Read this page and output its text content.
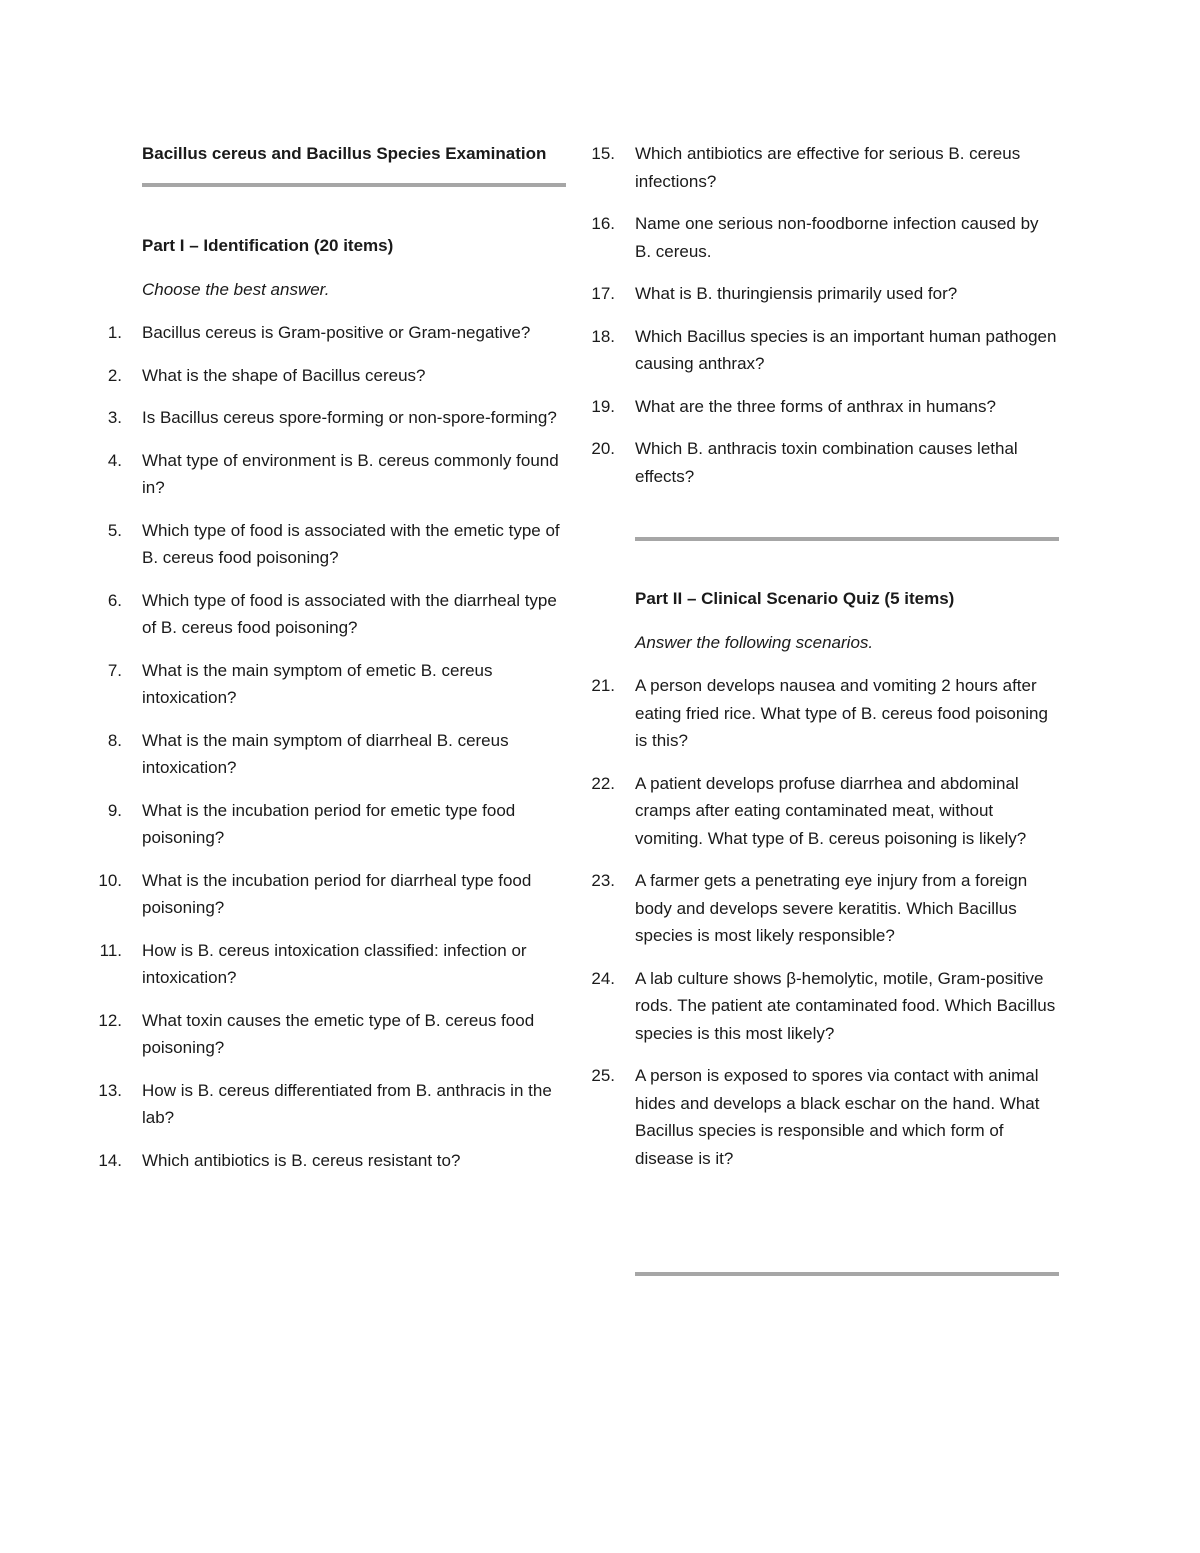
Bacillus cereus and Bacillus Species Examination
Part I – Identification (20 items)
Choose the best answer.
1. Bacillus cereus is Gram-positive or Gram-negative?
2. What is the shape of Bacillus cereus?
3. Is Bacillus cereus spore-forming or non-spore-forming?
4. What type of environment is B. cereus commonly found in?
5. Which type of food is associated with the emetic type of B. cereus food poisoning?
6. Which type of food is associated with the diarrheal type of B. cereus food poisoning?
7. What is the main symptom of emetic B. cereus intoxication?
8. What is the main symptom of diarrheal B. cereus intoxication?
9. What is the incubation period for emetic type food poisoning?
10. What is the incubation period for diarrheal type food poisoning?
11. How is B. cereus intoxication classified: infection or intoxication?
12. What toxin causes the emetic type of B. cereus food poisoning?
13. How is B. cereus differentiated from B. anthracis in the lab?
14. Which antibiotics is B. cereus resistant to?
15. Which antibiotics are effective for serious B. cereus infections?
16. Name one serious non-foodborne infection caused by B. cereus.
17. What is B. thuringiensis primarily used for?
18. Which Bacillus species is an important human pathogen causing anthrax?
19. What are the three forms of anthrax in humans?
20. Which B. anthracis toxin combination causes lethal effects?
Part II – Clinical Scenario Quiz (5 items)
Answer the following scenarios.
21. A person develops nausea and vomiting 2 hours after eating fried rice. What type of B. cereus food poisoning is this?
22. A patient develops profuse diarrhea and abdominal cramps after eating contaminated meat, without vomiting. What type of B. cereus poisoning is likely?
23. A farmer gets a penetrating eye injury from a foreign body and develops severe keratitis. Which Bacillus species is most likely responsible?
24. A lab culture shows β-hemolytic, motile, Gram-positive rods. The patient ate contaminated food. Which Bacillus species is this most likely?
25. A person is exposed to spores via contact with animal hides and develops a black eschar on the hand. What Bacillus species is responsible and which form of disease is it?
